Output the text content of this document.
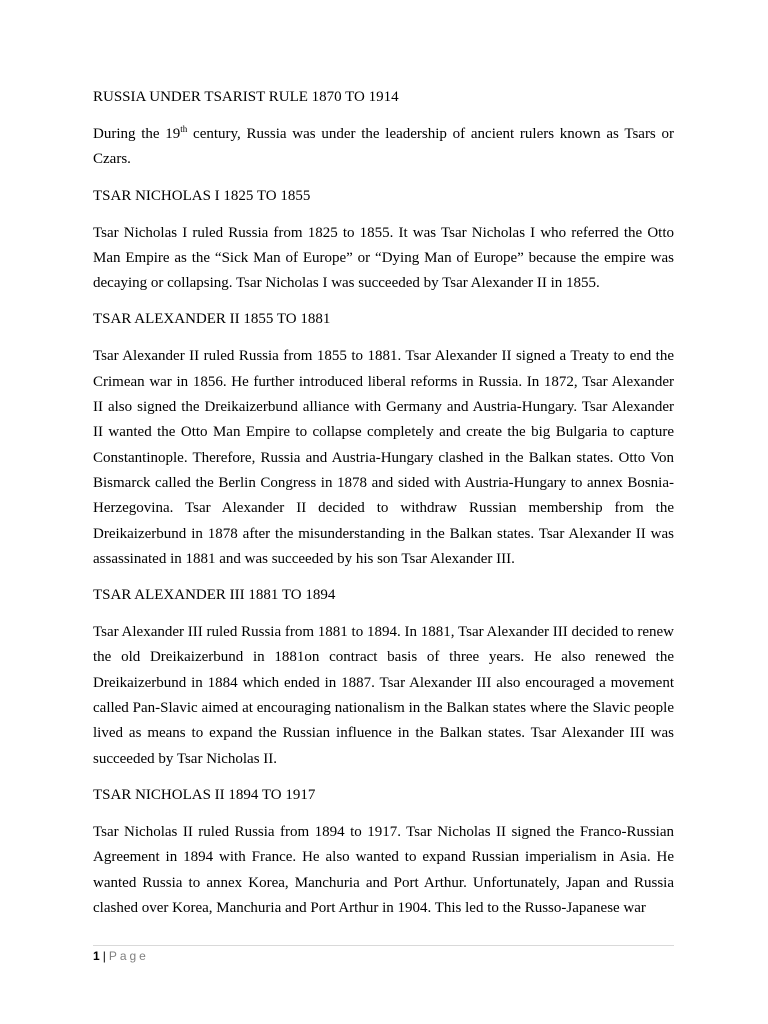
RUSSIA UNDER TSARIST RULE 1870 TO 1914

During the 19th century, Russia was under the leadership of ancient rulers known as Tsars or Czars.

TSAR NICHOLAS I 1825 TO 1855

Tsar Nicholas I ruled Russia from 1825 to 1855. It was Tsar Nicholas I who referred the Otto Man Empire as the “Sick Man of Europe” or “Dying Man of Europe” because the empire was decaying or collapsing. Tsar Nicholas I was succeeded by Tsar Alexander II in 1855.

TSAR ALEXANDER II 1855 TO 1881

Tsar Alexander II ruled Russia from 1855 to 1881. Tsar Alexander II signed a Treaty to end the Crimean war in 1856. He further introduced liberal reforms in Russia. In 1872, Tsar Alexander II also signed the Dreikaizerbund alliance with Germany and Austria-Hungary. Tsar Alexander II wanted the Otto Man Empire to collapse completely and create the big Bulgaria to capture Constantinople. Therefore, Russia and Austria-Hungary clashed in the Balkan states. Otto Von Bismarck called the Berlin Congress in 1878 and sided with Austria-Hungary to annex Bosnia-Herzegovina. Tsar Alexander II decided to withdraw Russian membership from the Dreikaizerbund in 1878 after the misunderstanding in the Balkan states. Tsar Alexander II was assassinated in 1881 and was succeeded by his son Tsar Alexander III.

TSAR ALEXANDER III 1881 TO 1894

Tsar Alexander III ruled Russia from 1881 to 1894. In 1881, Tsar Alexander III decided to renew the old Dreikaizerbund in 1881on contract basis of three years. He also renewed the Dreikaizerbund in 1884 which ended in 1887. Tsar Alexander III also encouraged a movement called Pan-Slavic aimed at encouraging nationalism in the Balkan states where the Slavic people lived as means to expand the Russian influence in the Balkan states. Tsar Alexander III was succeeded by Tsar Nicholas II.

TSAR NICHOLAS II 1894 TO 1917

Tsar Nicholas II ruled Russia from 1894 to 1917. Tsar Nicholas II signed the Franco-Russian Agreement in 1894 with France. He also wanted to expand Russian imperialism in Asia. He wanted Russia to annex Korea, Manchuria and Port Arthur. Unfortunately, Japan and Russia clashed over Korea, Manchuria and Port Arthur in 1904. This led to the Russo-Japanese war

1 | Page
